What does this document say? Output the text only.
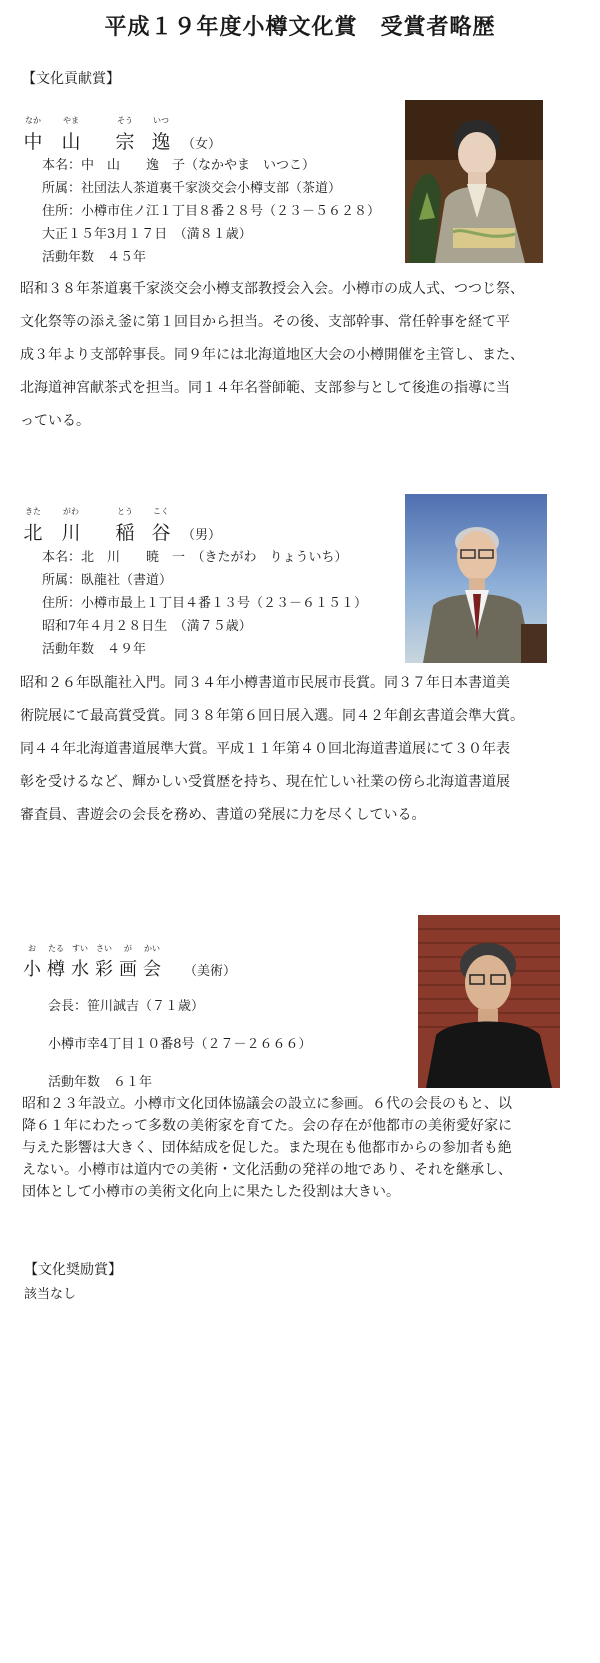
平成１９年度小樽文化賞　受賞者略歴
【文化貢献賞】
なか
中
やま
山
そう
宗
いつ
逸 （女）
本名：中　山　　逸　子（なかやま　いつこ）
所属：社団法人茶道裏千家淡交会小樽支部（茶道）
住所：小樽市住ノ江１丁目８番２８号（２３－５６２８）
大正１５年3月１７日　（満８１歳）
活動年数　４５年
昭和３８年茶道裏千家淡交会小樽支部教授会入会。小樽市の成人式、つつじ祭、
文化祭等の添え釜に第１回目から担当。その後、支部幹事、常任幹事を経て平
成３年より支部幹事長。同９年には北海道地区大会の小樽開催を主管し、また、
北海道神宮献茶式を担当。同１４年名誉師範、支部参与として後進の指導に当
っている。
きた
北
がわ
川
とう
稲
こく
谷 （男）
本名：北　川　　暁　一　（きたがわ　りょういち）
所属：臥龍社（書道）
住所：小樽市最上１丁目４番１３号（２３－６１５１）
昭和7年４月２８日生　（満７５歳）
活動年数　４９年
昭和２６年臥龍社入門。同３４年小樽書道市民展市長賞。同３７年日本書道美
術院展にて最高賞受賞。同３８年第６回日展入選。同４２年創玄書道会準大賞。
同４４年北海道書道展準大賞。平成１１年第４０回北海道書道展にて３０年表
彰を受けるなど、輝かしい受賞歴を持ち、現在忙しい社業の傍ら北海道書道展
審査員、書遊会の会長を務め、書道の発展に力を尽くしている。
お
小
たる
樽
すい
水
さい
彩
が
画
かい
会 （美術）
会長：笹川誠吉（７１歳）
小樽市幸4丁目１０番8号（２７－２６６６）
活動年数　６１年
昭和２３年設立。小樽市文化団体協議会の設立に参画。６代の会長のもと、以
降６１年にわたって多数の美術家を育てた。会の存在が他都市の美術愛好家に
与えた影響は大きく、団体結成を促した。また現在も他都市からの参加者も絶
えない。小樽市は道内での美術・文化活動の発祥の地であり、それを継承し、
団体として小樽市の美術文化向上に果たした役割は大きい。
【文化奨励賞】
該当なし
